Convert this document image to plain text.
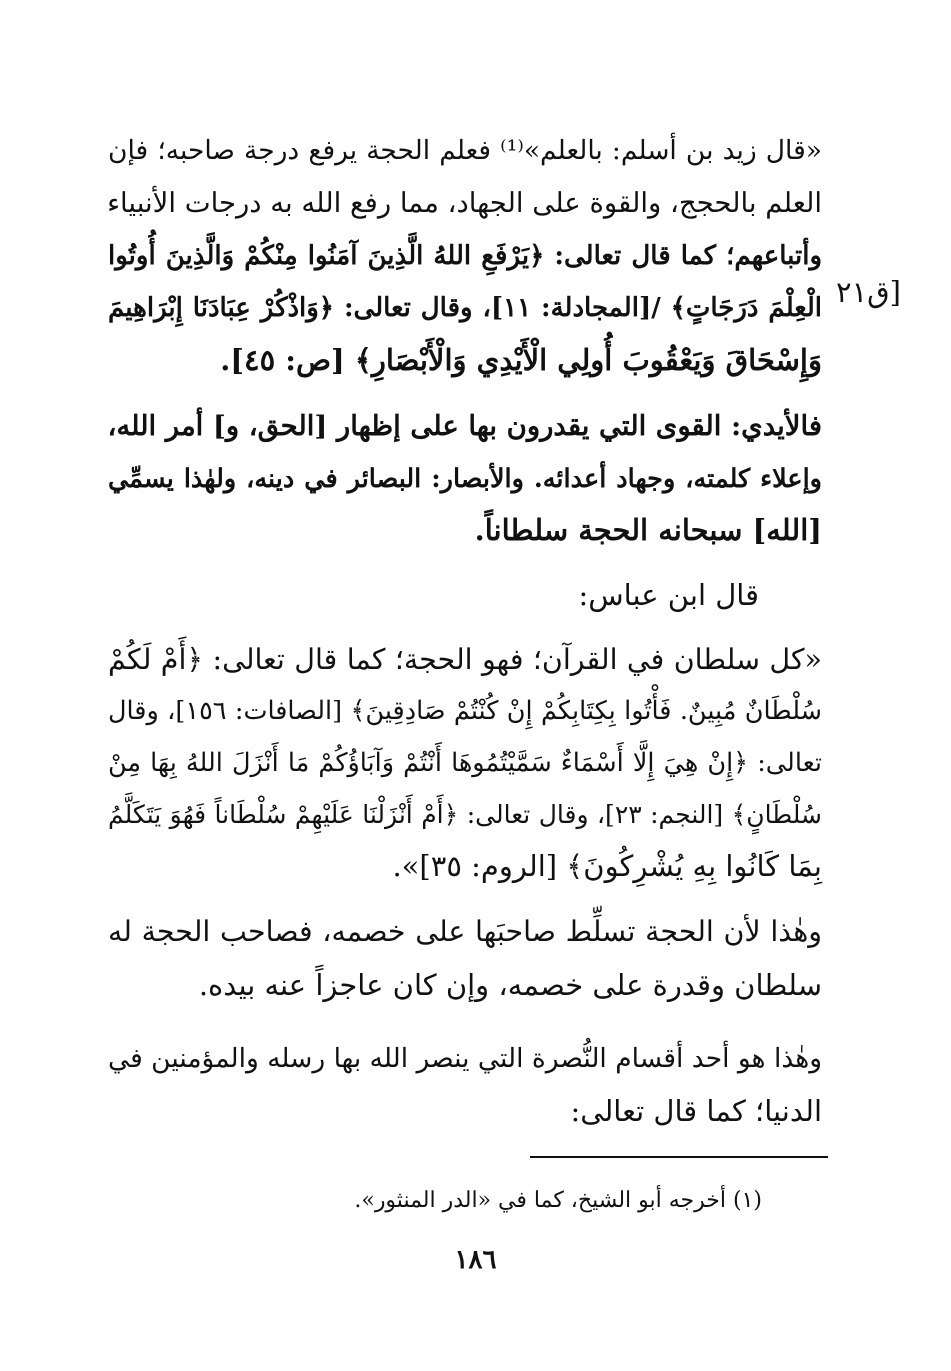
«قال زيد بن أسلم: بالعلم»⁽¹⁾ فعلم الحجة يرفع درجة صاحبه؛ فإن
العلم بالحجج، والقوة على الجهاد، مما رفع الله به درجات الأنبياء
وأتباعهم؛ كما قال تعالى: ﴿يَرْفَعِ اللهُ الَّذِينَ آمَنُوا مِنْكُمْ وَالَّذِينَ أُوتُوا
الْعِلْمَ دَرَجَاتٍ﴾ /[المجادلة: ١١]، وقال تعالى: ﴿وَاذْكُرْ عِبَادَنَا إِبْرَاهِيمَ
وَإِسْحَاقَ وَيَعْقُوبَ أُولِي الْأَيْدِي وَالْأَبْصَارِ﴾ [ص: ٤٥].
[ق٢١
فالأيدي: القوى التي يقدرون بها على إظهار [الحق، و] أمر الله،
وإعلاء كلمته، وجهاد أعدائه. والأبصار: البصائر في دينه، ولهٰذا يسمِّي
[الله] سبحانه الحجة سلطاناً.
قال ابن عباس:
«كل سلطان في القرآن؛ فهو الحجة؛ كما قال تعالى: ﴿أَمْ لَكُمْ
سُلْطَانٌ مُبِينٌ. فَأْتُوا بِكِتَابِكُمْ إِنْ كُنْتُمْ صَادِقِينَ﴾ [الصافات: ١٥٦]، وقال
تعالى: ﴿إِنْ هِيَ إِلَّا أَسْمَاءٌ سَمَّيْتُمُوهَا أَنْتُمْ وَآبَاؤُكُمْ مَا أَنْزَلَ اللهُ بِهَا مِنْ
سُلْطَانٍ﴾ [النجم: ٢٣]، وقال تعالى: ﴿أَمْ أَنْزَلْنَا عَلَيْهِمْ سُلْطَاناً فَهُوَ يَتَكَلَّمُ
بِمَا كَانُوا بِهِ يُشْرِكُونَ﴾ [الروم: ٣٥]».
وهٰذا لأن الحجة تسلِّط صاحبَها على خصمه، فصاحب الحجة له
سلطان وقدرة على خصمه، وإن كان عاجزاً عنه بيده.
وهٰذا هو أحد أقسام النُّصرة التي ينصر الله بها رسله والمؤمنين في
الدنيا؛ كما قال تعالى:
(١) أخرجه أبو الشيخ، كما في «الدر المنثور».
١٨٦
